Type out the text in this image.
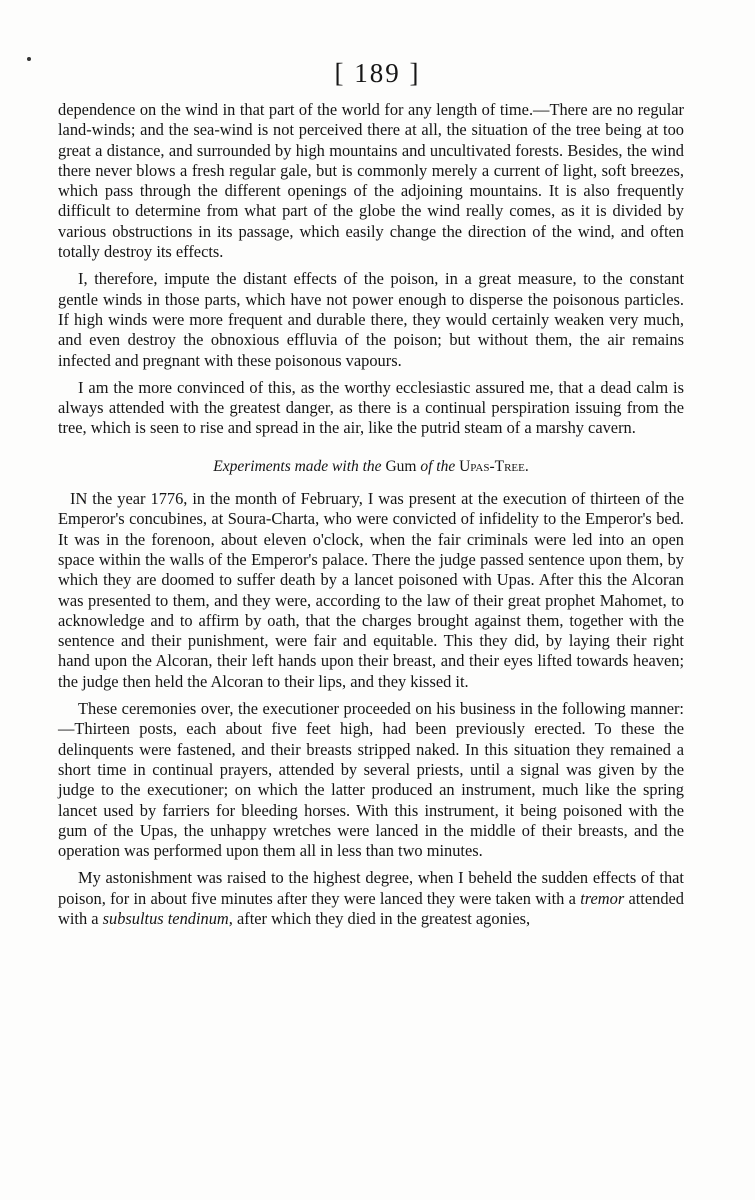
[ 189 ]

dependence on the wind in that part of the world for any length of time.—There are no regular land-winds; and the sea-wind is not perceived there at all, the situation of the tree being at too great a distance, and surrounded by high mountains and uncultivated forests. Besides, the wind there never blows a fresh regular gale, but is commonly merely a current of light, soft breezes, which pass through the different openings of the adjoining mountains. It is also frequently difficult to determine from what part of the globe the wind really comes, as it is divided by various obstructions in its passage, which easily change the direction of the wind, and often totally destroy its effects.

I, therefore, impute the distant effects of the poison, in a great measure, to the constant gentle winds in those parts, which have not power enough to disperse the poisonous particles. If high winds were more frequent and durable there, they would certainly weaken very much, and even destroy the obnoxious effluvia of the poison; but without them, the air remains infected and pregnant with these poisonous vapours.

I am the more convinced of this, as the worthy ecclesiastic assured me, that a dead calm is always attended with the greatest danger, as there is a continual perspiration issuing from the tree, which is seen to rise and spread in the air, like the putrid steam of a marshy cavern.

Experiments made with the Gum of the Upas-Tree.

IN the year 1776, in the month of February, I was present at the execution of thirteen of the Emperor's concubines, at Soura-Charta, who were convicted of infidelity to the Emperor's bed. It was in the forenoon, about eleven o'clock, when the fair criminals were led into an open space within the walls of the Emperor's palace. There the judge passed sentence upon them, by which they are doomed to suffer death by a lancet poisoned with Upas. After this the Alcoran was presented to them, and they were, according to the law of their great prophet Mahomet, to acknowledge and to affirm by oath, that the charges brought against them, together with the sentence and their punishment, were fair and equitable. This they did, by laying their right hand upon the Alcoran, their left hands upon their breast, and their eyes lifted towards heaven; the judge then held the Alcoran to their lips, and they kissed it.

These ceremonies over, the executioner proceeded on his business in the following manner:—Thirteen posts, each about five feet high, had been previously erected. To these the delinquents were fastened, and their breasts stripped naked. In this situation they remained a short time in continual prayers, attended by several priests, until a signal was given by the judge to the executioner; on which the latter produced an instrument, much like the spring lancet used by farriers for bleeding horses. With this instrument, it being poisoned with the gum of the Upas, the unhappy wretches were lanced in the middle of their breasts, and the operation was performed upon them all in less than two minutes.

My astonishment was raised to the highest degree, when I beheld the sudden effects of that poison, for in about five minutes after they were lanced they were taken with a tremor attended with a subsultus tendinum, after which they died in the greatest agonies,
